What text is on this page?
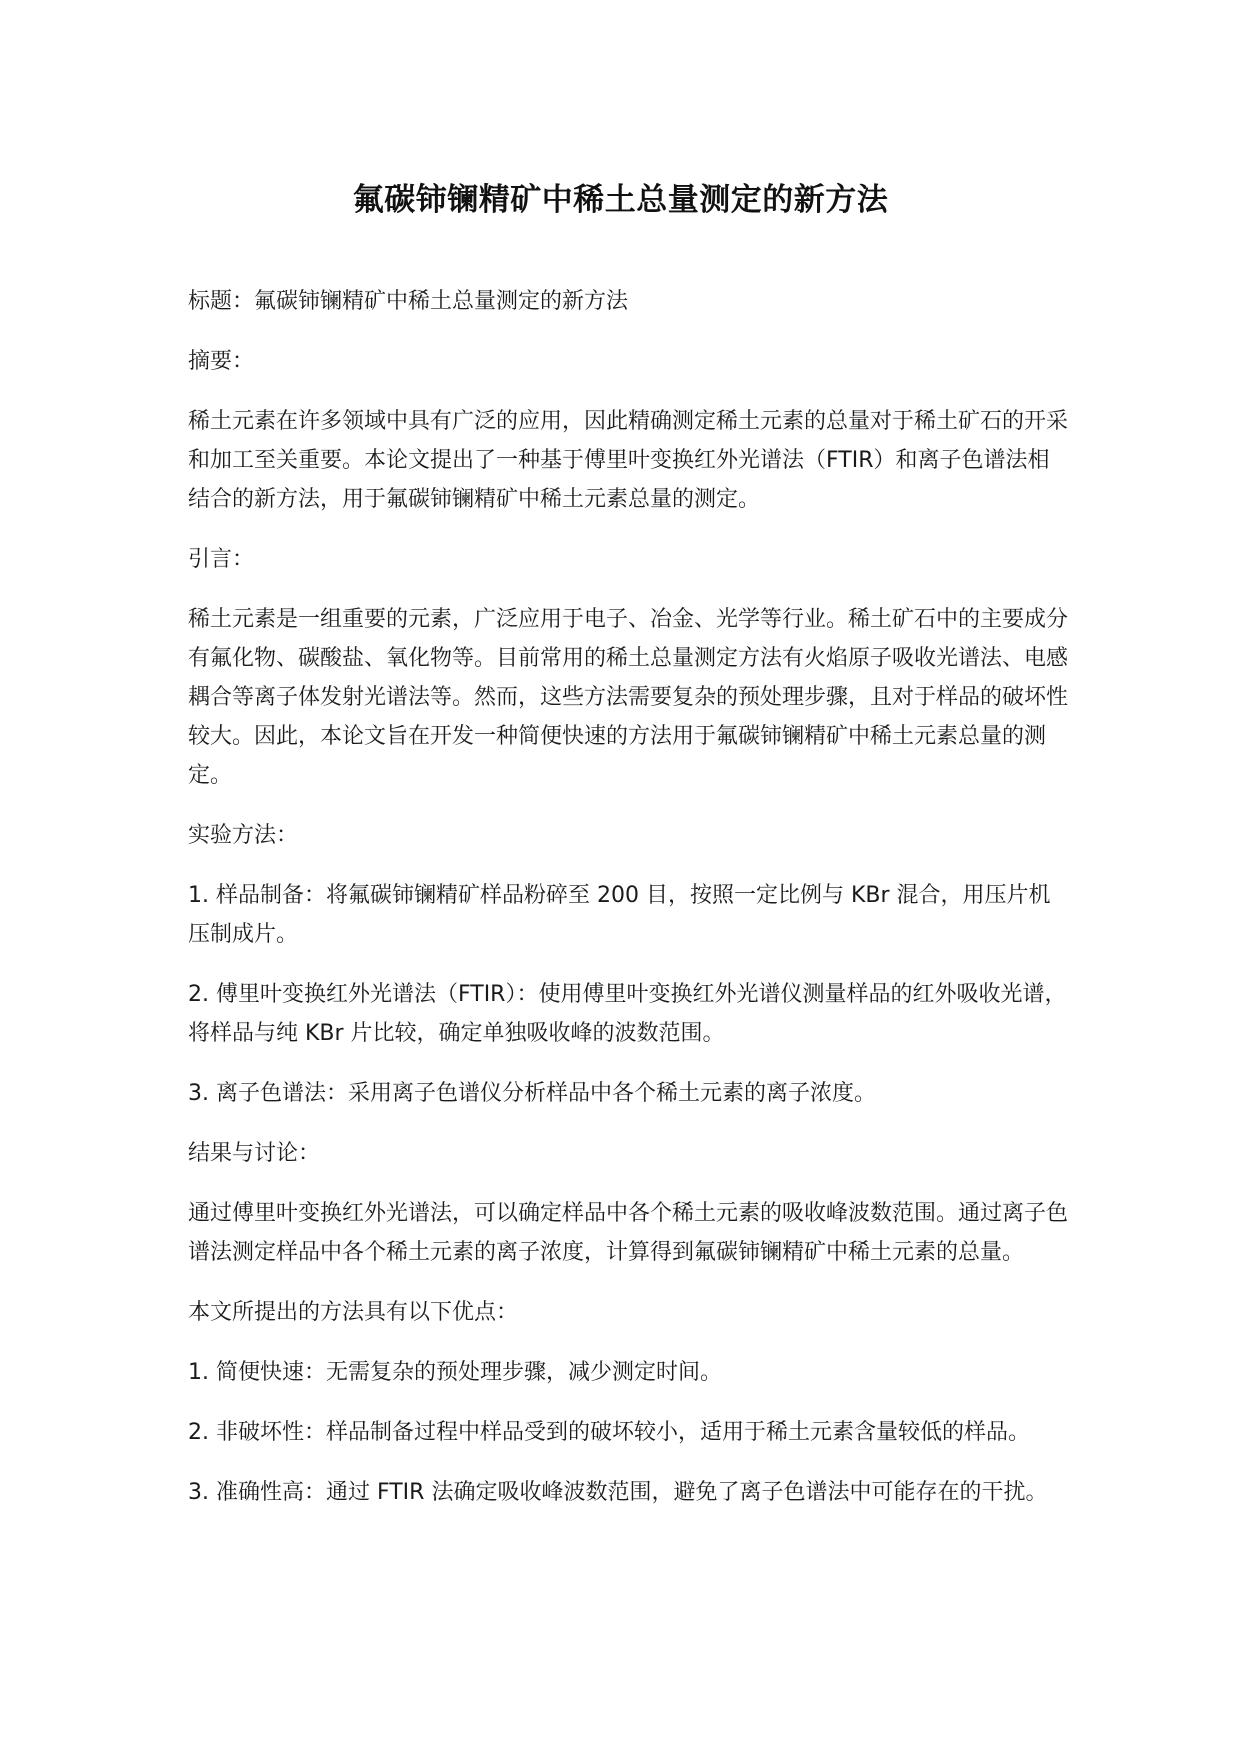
氟碳铈镧精矿中稀土总量测定的新方法

标题：氟碳铈镧精矿中稀土总量测定的新方法

摘要：

稀土元素在许多领域中具有广泛的应用，因此精确测定稀土元素的总量对于稀土矿石的开采和加工至关重要。本论文提出了一种基于傅里叶变换红外光谱法（FTIR）和离子色谱法相结合的新方法，用于氟碳铈镧精矿中稀土元素总量的测定。

引言：

稀土元素是一组重要的元素，广泛应用于电子、冶金、光学等行业。稀土矿石中的主要成分有氟化物、碳酸盐、氧化物等。目前常用的稀土总量测定方法有火焰原子吸收光谱法、电感耦合等离子体发射光谱法等。然而，这些方法需要复杂的预处理步骤，且对于样品的破坏性较大。因此，本论文旨在开发一种简便快速的方法用于氟碳铈镧精矿中稀土元素总量的测定。

实验方法：

1. 样品制备：将氟碳铈镧精矿样品粉碎至 200 目，按照一定比例与 KBr 混合，用压片机压制成片。

2. 傅里叶变换红外光谱法（FTIR）：使用傅里叶变换红外光谱仪测量样品的红外吸收光谱，将样品与纯 KBr 片比较，确定单独吸收峰的波数范围。

3. 离子色谱法：采用离子色谱仪分析样品中各个稀土元素的离子浓度。

结果与讨论：

通过傅里叶变换红外光谱法，可以确定样品中各个稀土元素的吸收峰波数范围。通过离子色谱法测定样品中各个稀土元素的离子浓度，计算得到氟碳铈镧精矿中稀土元素的总量。

本文所提出的方法具有以下优点：

1. 简便快速：无需复杂的预处理步骤，减少测定时间。

2. 非破坏性：样品制备过程中样品受到的破坏较小，适用于稀土元素含量较低的样品。

3. 准确性高：通过 FTIR 法确定吸收峰波数范围，避免了离子色谱法中可能存在的干扰。
